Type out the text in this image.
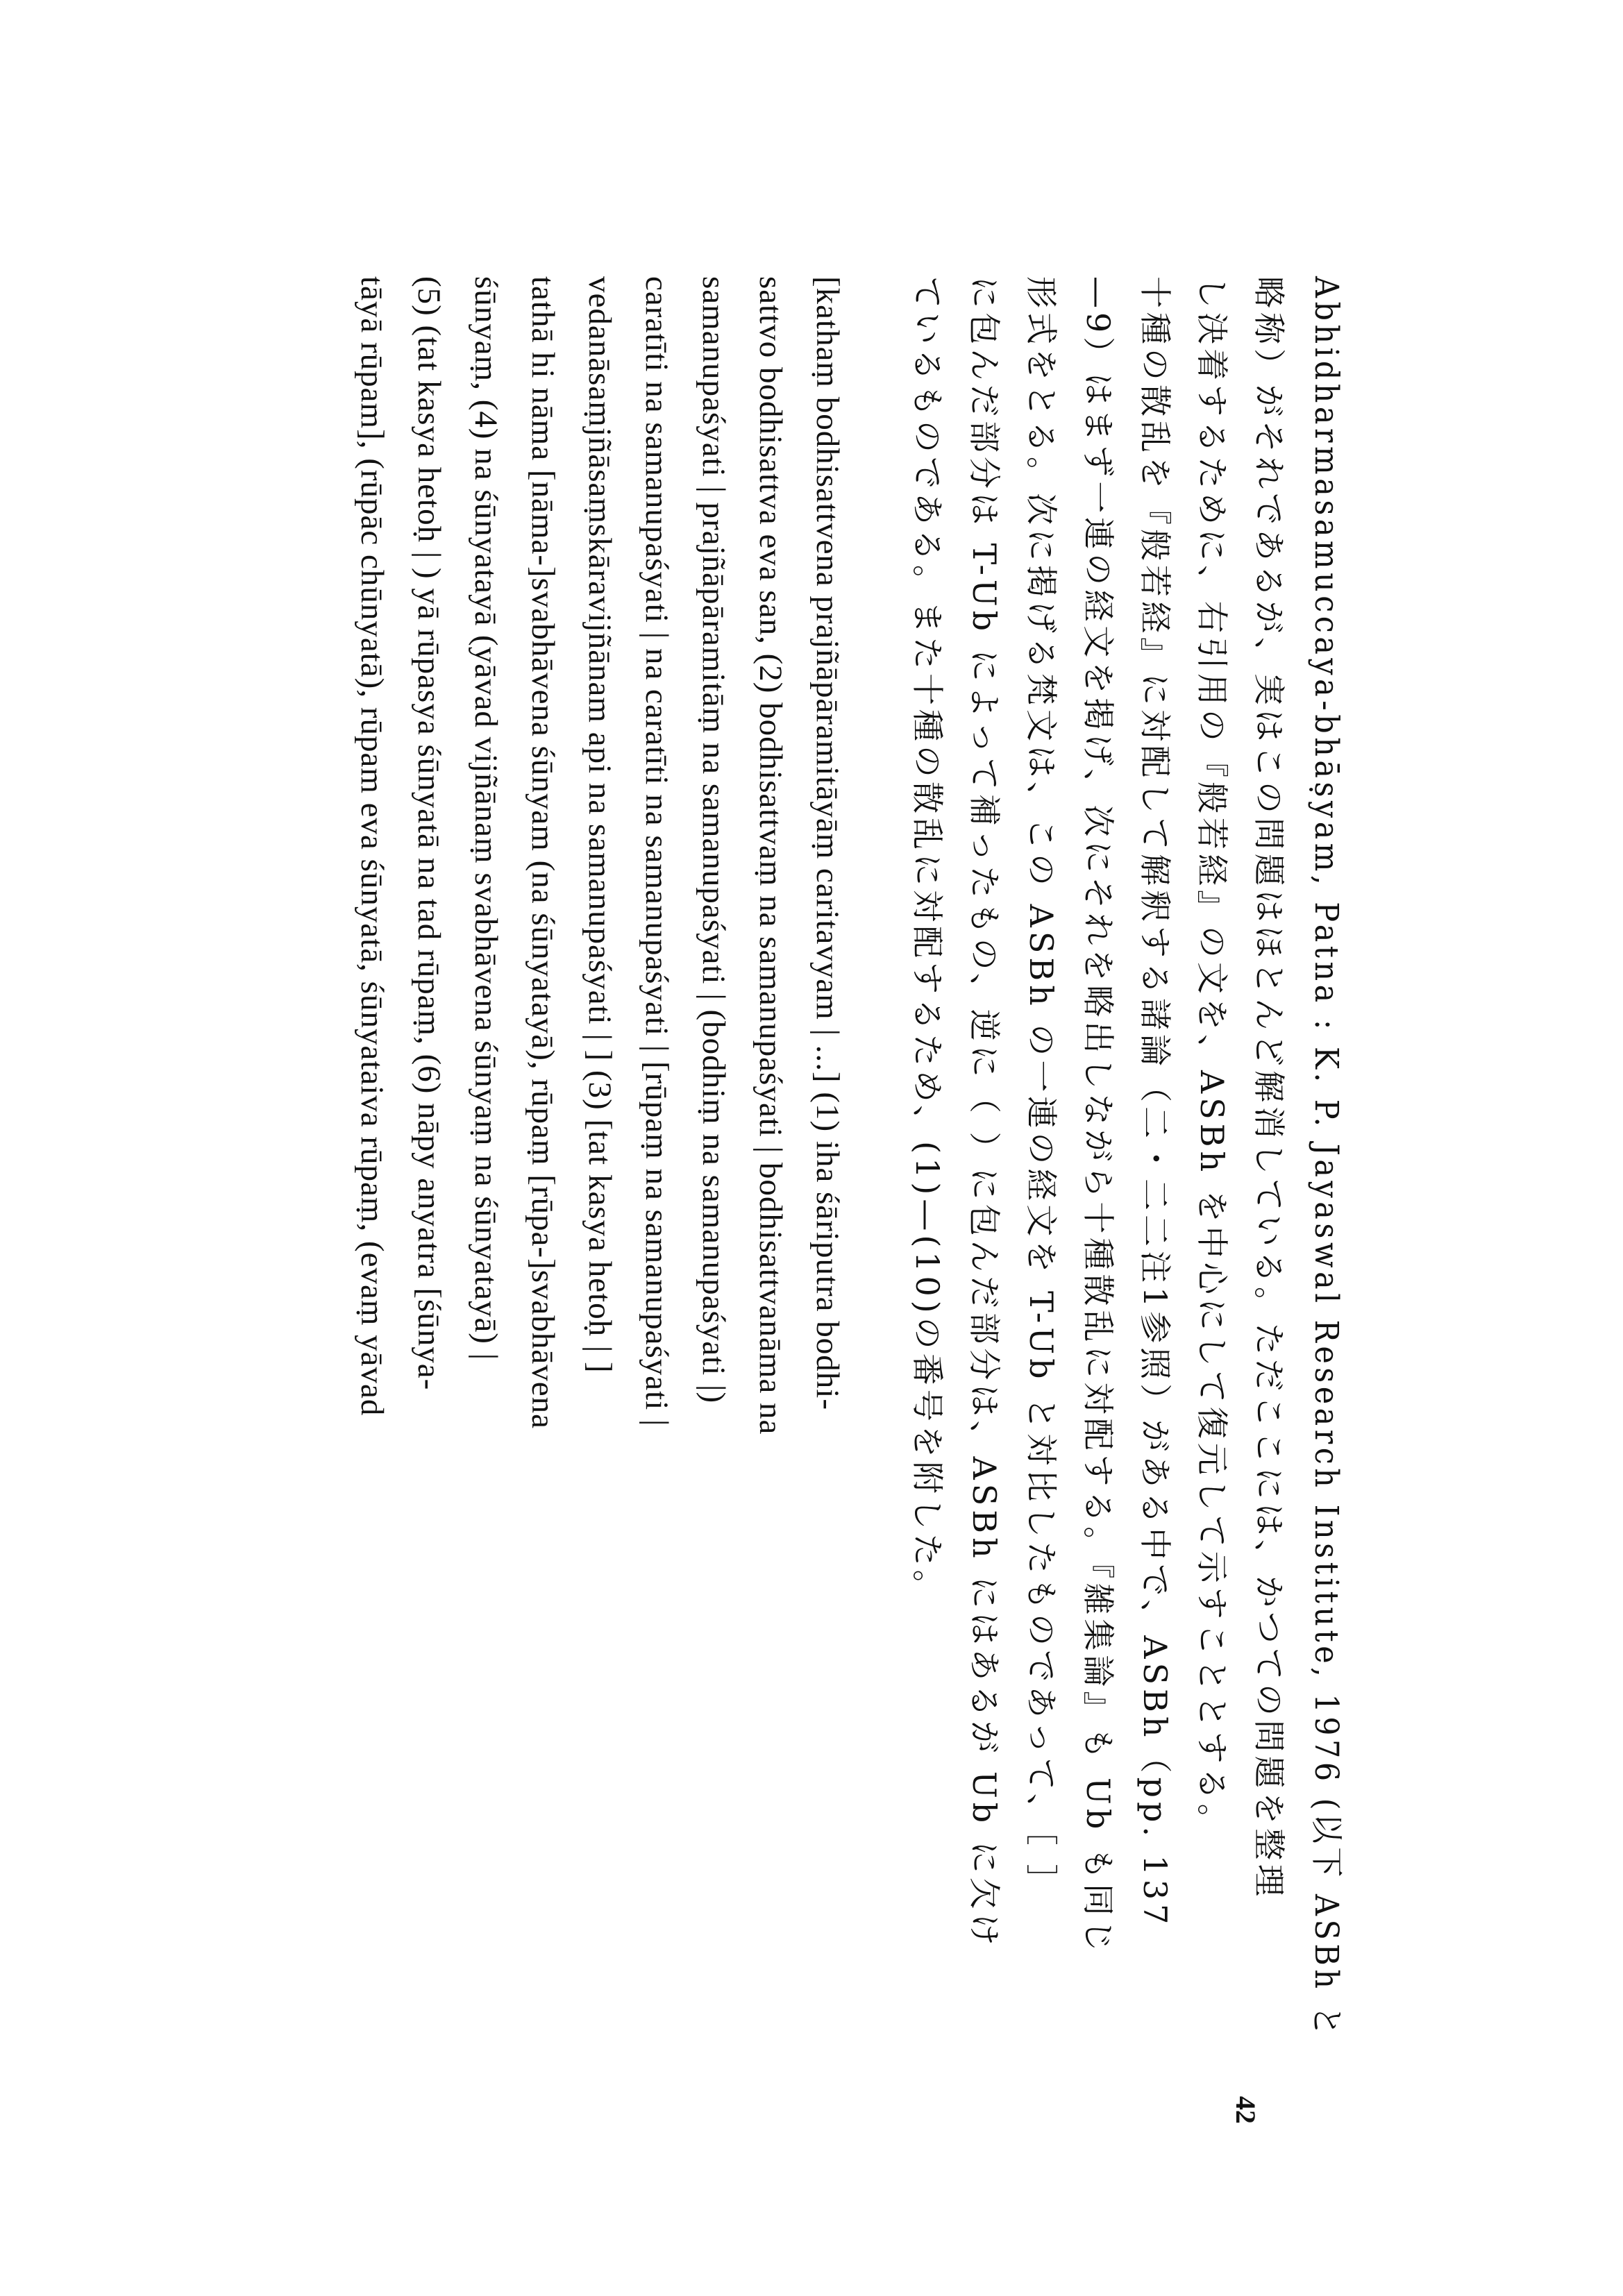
Abhidharmasamuccaya-bhāṣyam, Patna : K. P. Jayaswal Research Institute, 1976 (以下 ASBh と
略称）がそれであるが、実はこの問題はほとんど解消している。ただここには、かつての問題を整理
し決着するために、右引用の『般若経』の文を、ASBh を中心にして復元して示すこととする。
十種の散乱を『般若経』に対配して解釈する諸論（二・二二注1参照）がある中で、ASBh（pp. 137
—9）はまず一連の経文を掲げ、次にそれを略出しながら十種散乱に対配する。『雑集論』も Ub も同じ
形式をとる。次に掲げる梵文は、この ASBh の一連の経文を T-Ub と対比したものであって、［ ］
に包んだ部分は T-Ub によって補ったもの、逆に（ ）に包んだ部分は、ASBh にはあるが Ub に欠け
ているものである。また十種の散乱に対配するため、(1)—(10)の番号を附した。
[kathaṃ bodhisattvena prajñāpāramitāyāṃ caritavyam | ...] (1) iha śāriputra bodhi-
sattvo bodhisattva eva san, (2) bodhisattvaṃ na samanupaśyati | bodhisattvanāma na
samanupaśyati | prajñāpāramitāṃ na samanupaśyati | (bodhiṃ na samanupaśyati |)
caratīti na samanupaśyati | na caratīti na samanupaśyati | [rūpaṃ na samanupaśyati |
vedanāsaṃjñāsaṃskāravijñānam api na samanupaśyati | ] (3) [tat kasya hetoḥ | ]
tathā hi nāma [nāma-]svabhāvena śūnyam (na śūnyatayā), rūpaṃ [rūpa-]svabhāvena
śūnyaṃ, (4) na śūnyatayā (yāvad vijñānaṃ svabhāvena śūnyaṃ na śūnyatayā) |
(5) (tat kasya hetoḥ | ) yā rūpasya śūnyatā na tad rūpaṃ, (6) nāpy anyatra [śūnya-
tāyā rūpam], (rūpāc chūnyatā), rūpam eva śūnyatā, śūnyataiva rūpaṃ, (evaṃ yāvad
42
